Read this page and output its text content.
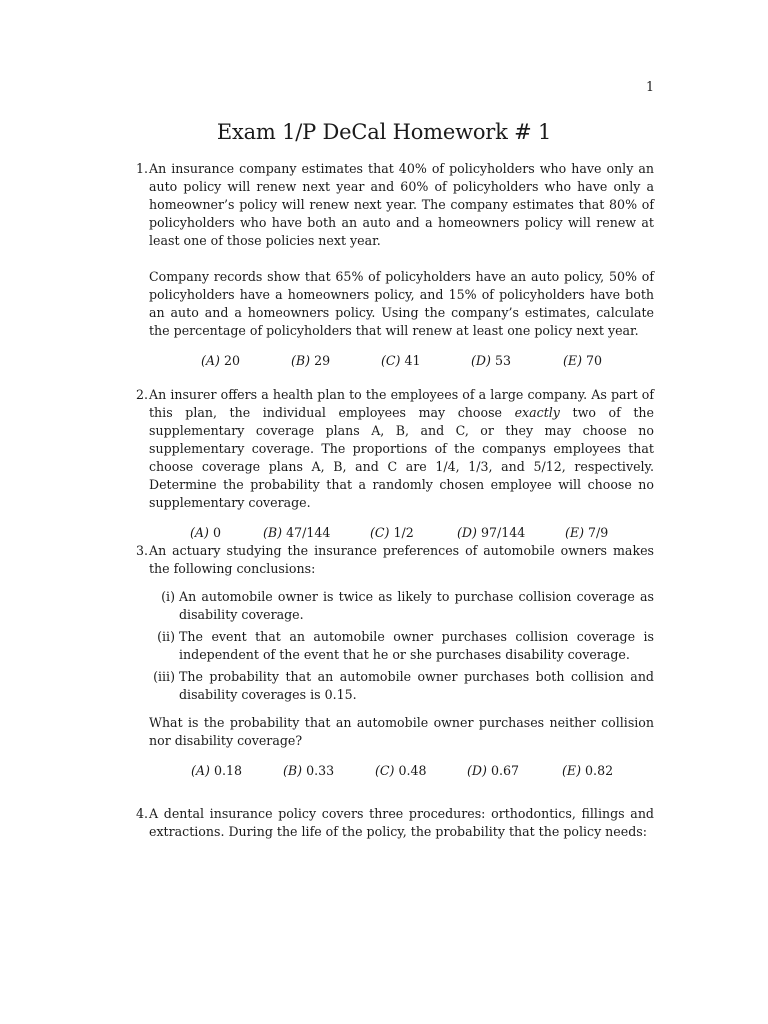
1
Exam 1/P DeCal Homework # 1
1. An insurance company estimates that 40% of policyholders who have only an auto policy will renew next year and 60% of policyholders who have only a homeowner’s policy will renew next year. The company estimates that 80% of policyholders who have both an auto and a homeowners policy will renew at least one of those policies next year.

Company records show that 65% of policyholders have an auto policy, 50% of policyholders have a homeowners policy, and 15% of policyholders have both an auto and a homeowners policy. Using the company’s estimates, calculate the percentage of policyholders that will renew at least one policy next year.

(A) 20	(B) 29	(C) 41	(D) 53	(E) 70
2. An insurer offers a health plan to the employees of a large company. As part of this plan, the individual employees may choose exactly two of the supplementary coverage plans A, B, and C, or they may choose no supplementary coverage. The proportions of the companys employees that choose coverage plans A, B, and C are 1/4, 1/3, and 5/12, respectively. Determine the probability that a randomly chosen employee will choose no supplementary coverage.

(A) 0	(B) 47/144	(C) 1/2	(D) 97/144	(E) 7/9
3. An actuary studying the insurance preferences of automobile owners makes the following conclusions:

(i) An automobile owner is twice as likely to purchase collision coverage as disability coverage.
(ii) The event that an automobile owner purchases collision coverage is independent of the event that he or she purchases disability coverage.
(iii) The probability that an automobile owner purchases both collision and disability coverages is 0.15.

What is the probability that an automobile owner purchases neither collision nor disability coverage?

(A) 0.18	(B) 0.33	(C) 0.48	(D) 0.67	(E) 0.82
4. A dental insurance policy covers three procedures: orthodontics, fillings and extractions. During the life of the policy, the probability that the policy needs:
